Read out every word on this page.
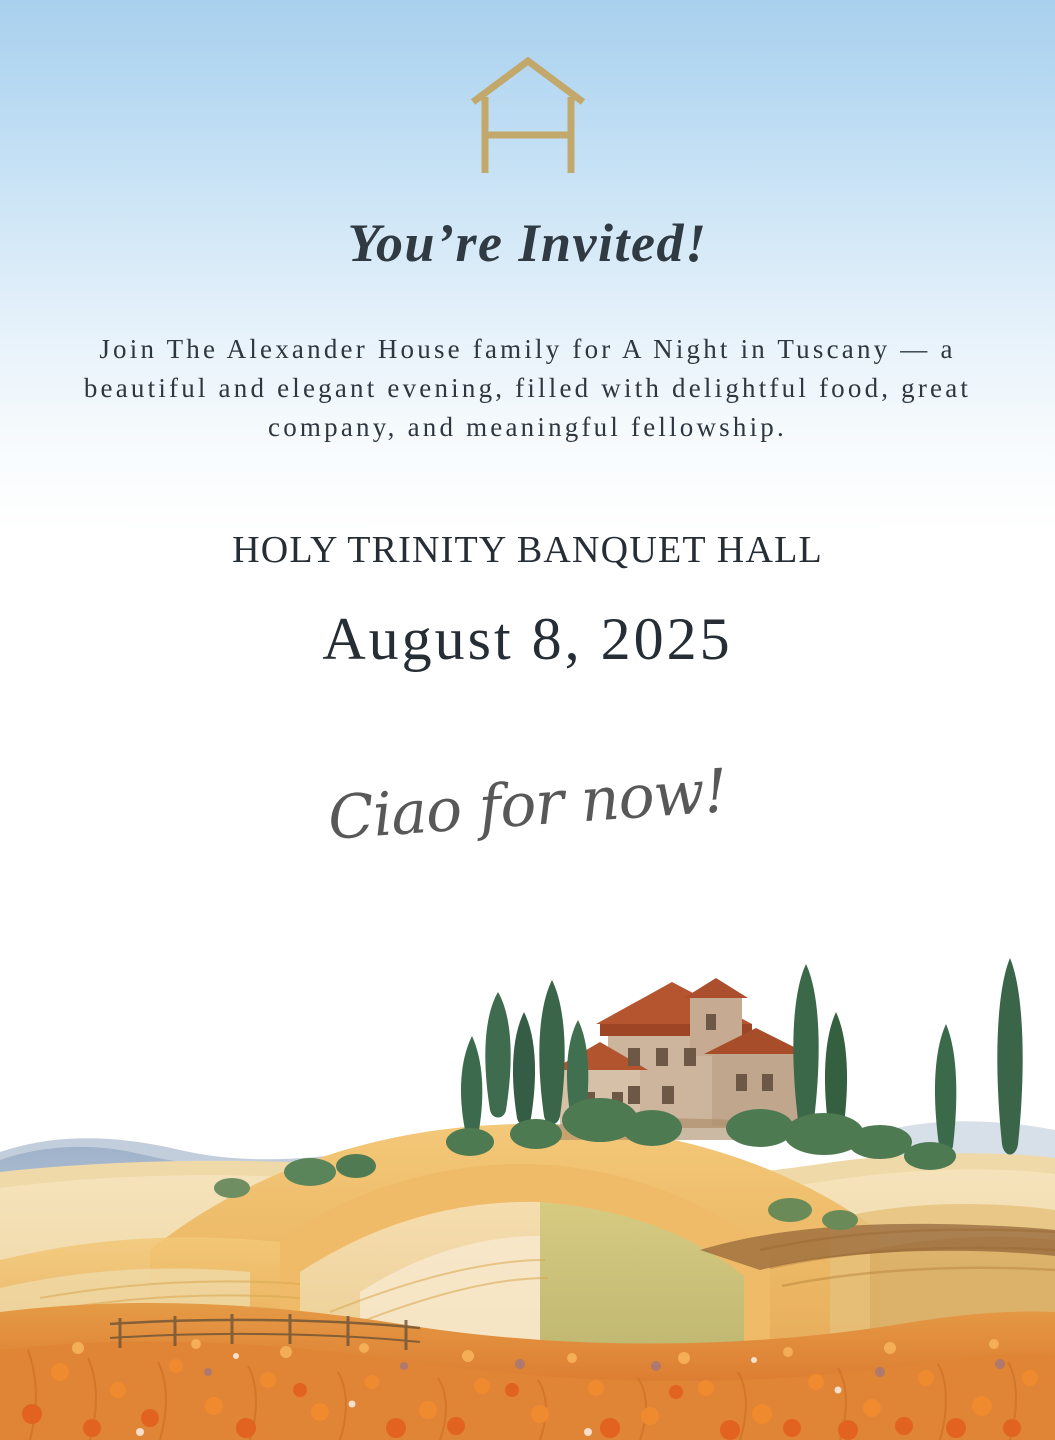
You’re Invited!
Join The Alexander House family for A Night in Tuscany — a beautiful and elegant evening, filled with delightful food, great company, and meaningful fellowship.
HOLY TRINITY BANQUET HALL
August 8, 2025
Ciao for now!
